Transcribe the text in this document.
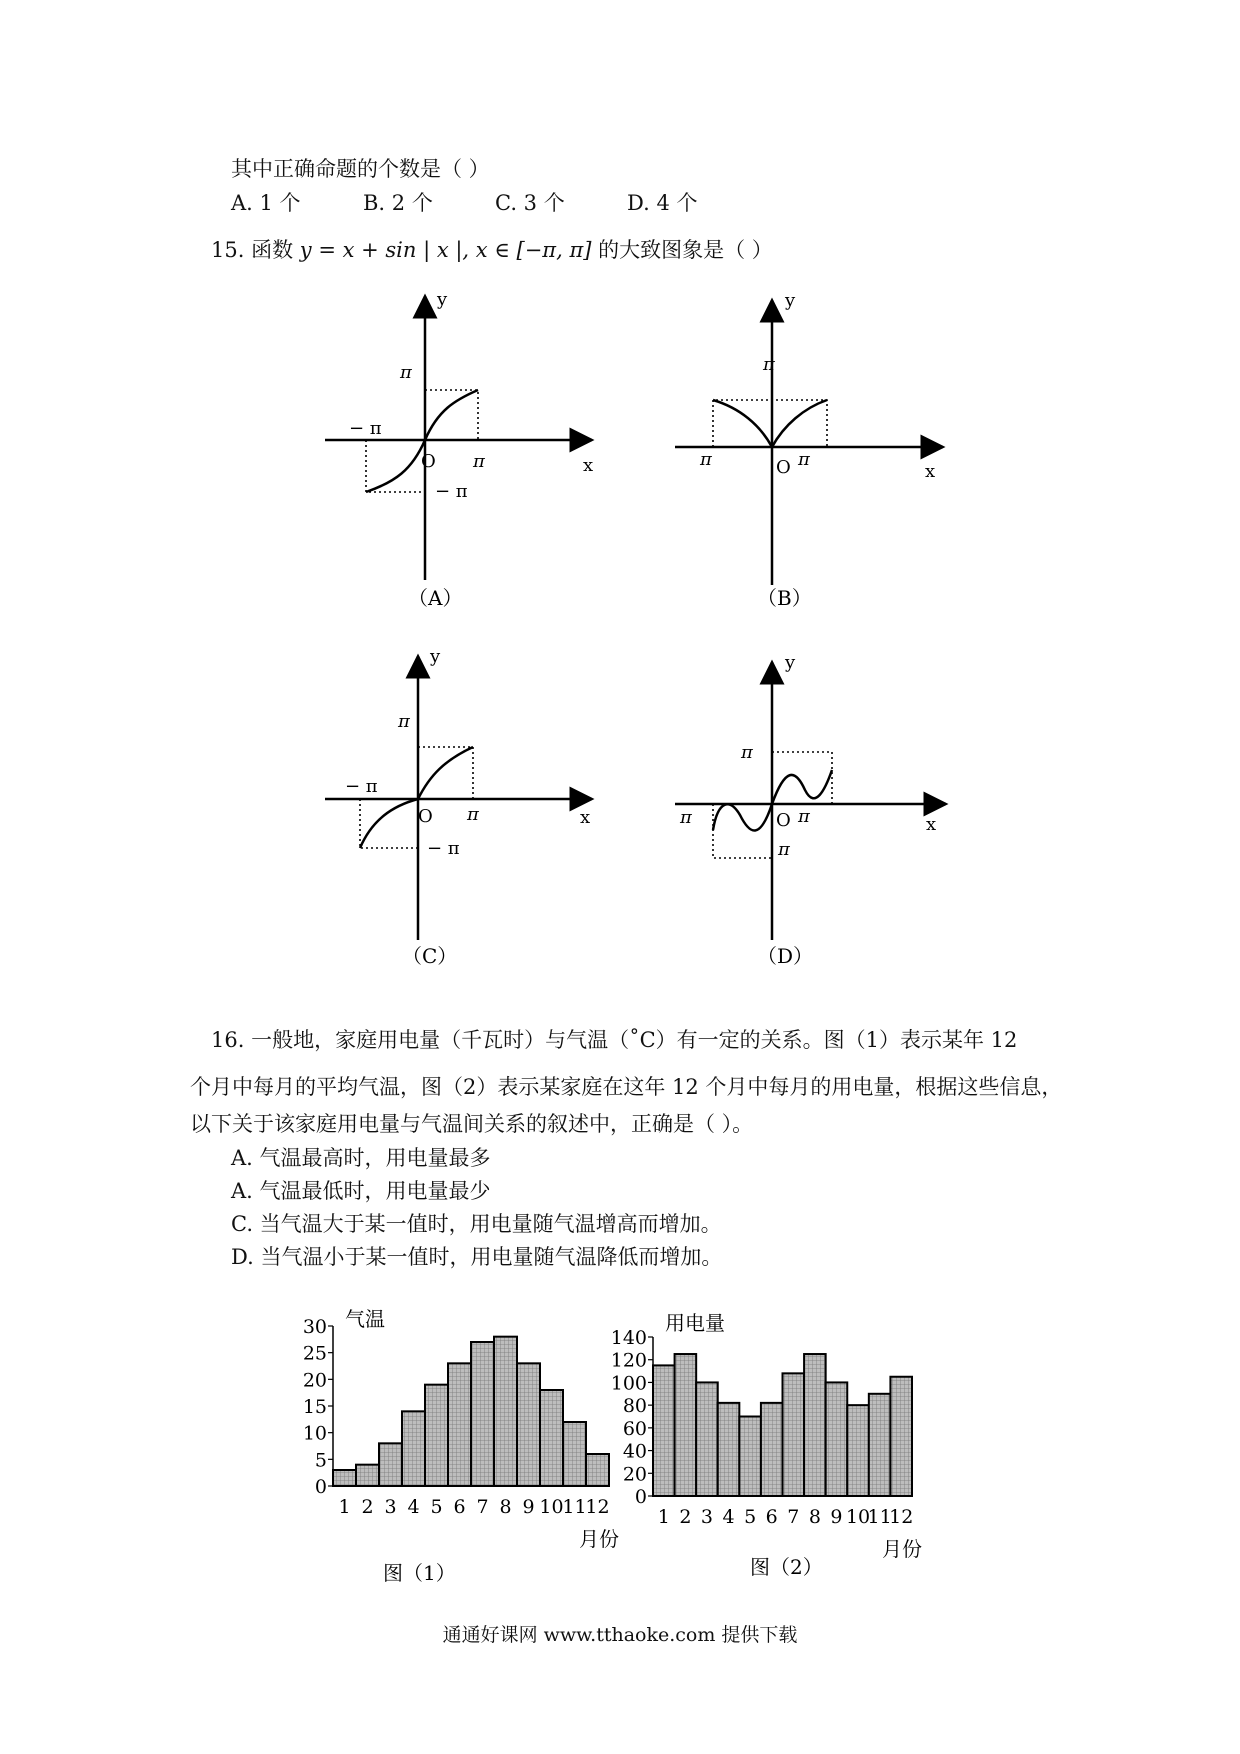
其中正确命题的个数是（ ）
A. 1 个	B. 2 个	C. 3 个	D. 4 个
15. 函数 y = x + sin | x |, x ∈ [−π, π] 的大致图象是（ ）
y
x
O
π
π
− π
− π
（A）
y
x
O
π
π
π
（B）
y
x
O
π
π
− π
− π
（C）
y
x
O
π
π
π
π
（D）
16. 一般地，家庭用电量（千瓦时）与气温（˚C）有一定的关系。图（1）表示某年 12
个月中每月的平均气温，图（2）表示某家庭在这年 12 个月中每月的用电量，根据这些信息，
以下关于该家庭用电量与气温间关系的叙述中，正确是（ ）。
A. 气温最高时，用电量最多
A. 气温最低时，用电量最少
C. 当气温大于某一值时，用电量随气温增高而增加。
D. 当气温小于某一值时，用电量随气温降低而增加。
0
5
10
15
20
25
30
1 2 3 4 5 6 7 8 9 10
11
12
气温
月份
图（1）
0
20
40
60
80
100
120
140
1 2 3 4 5 6 7 8 9 10
11
12
用电量
月份
图（2）
通通好课网 www.tthaoke.com 提供下载
